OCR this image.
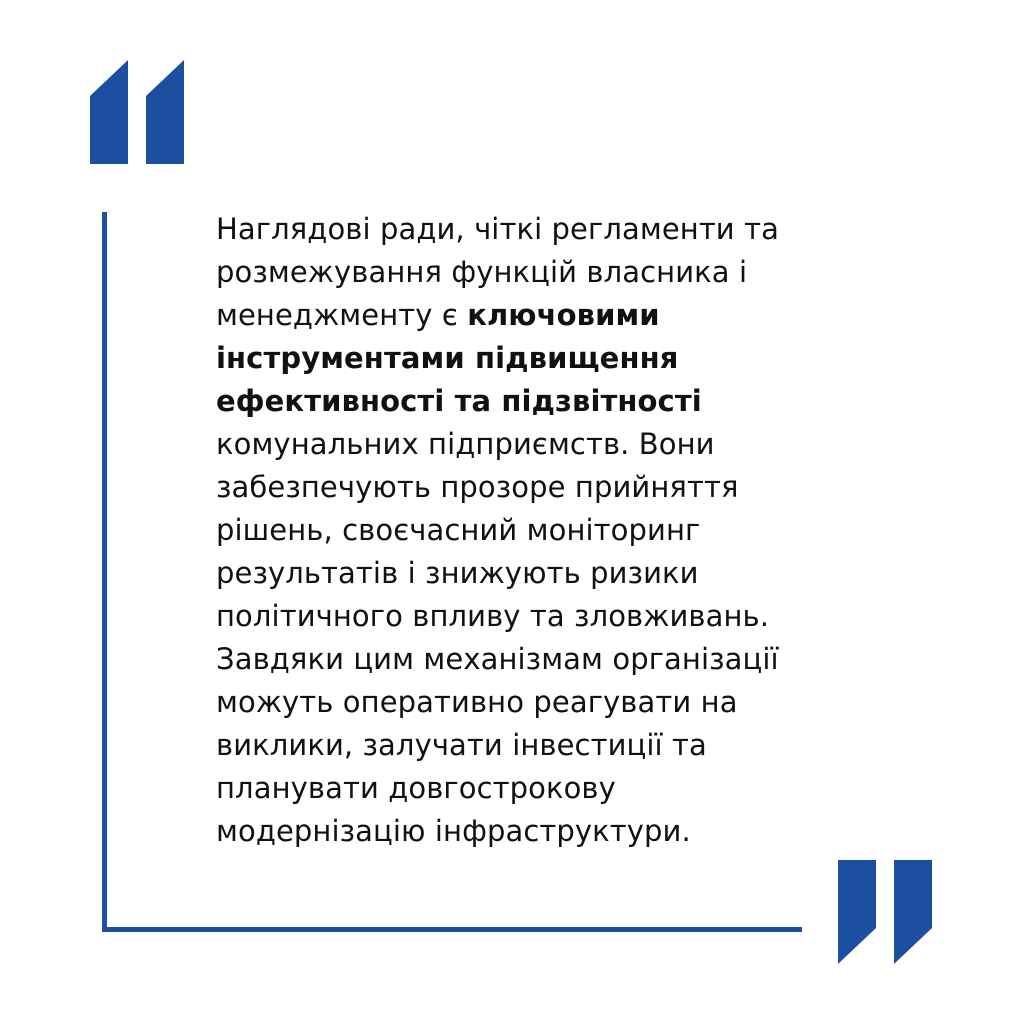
Наглядові ради, чіткі регламенти та
розмежування функцій власника і
менеджменту є ключовими
інструментами підвищення
ефективності та підзвітності
комунальних підприємств. Вони
забезпечують прозоре прийняття
рішень, своєчасний моніторинг
результатів і знижують ризики
політичного впливу та зловживань.
Завдяки цим механізмам організації
можуть оперативно реагувати на
виклики, залучати інвестиції та
планувати довгострокову
модернізацію інфраструктури.
